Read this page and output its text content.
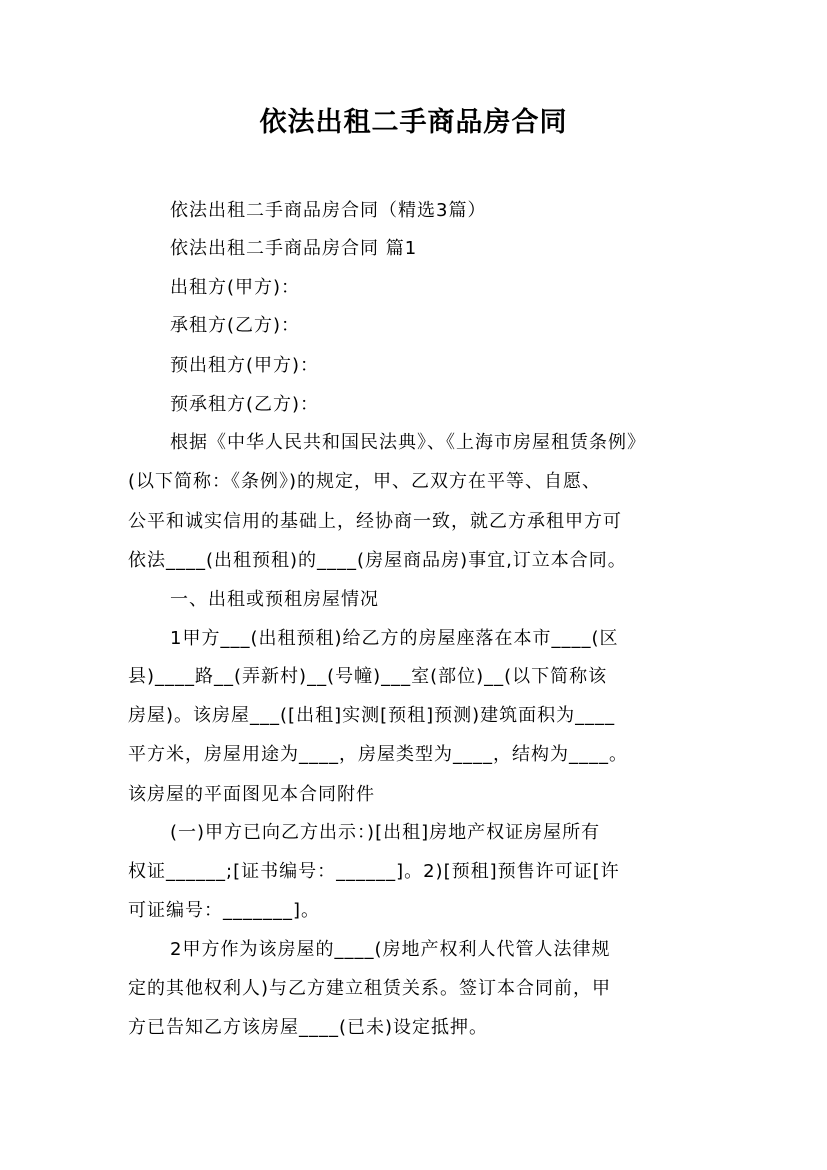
依法出租二手商品房合同
依法出租二手商品房合同（精选3篇）
依法出租二手商品房合同 篇1
出租方(甲方)：
承租方(乙方)：
预出租方(甲方)：
预承租方(乙方)：
根据《中华人民共和国民法典》、《上海市房屋租赁条例》
(以下简称：《条例》)的规定，甲、乙双方在平等、自愿、
公平和诚实信用的基础上，经协商一致，就乙方承租甲方可
依法____(出租预租)的____(房屋商品房)事宜,订立本合同。
一、出租或预租房屋情况
1甲方___(出租预租)给乙方的房屋座落在本市____(区
县)____路__(弄新村)__(号幢)___室(部位)__(以下简称该
房屋)。该房屋___([出租]实测[预租]预测)建筑面积为____
平方米，房屋用途为____，房屋类型为____，结构为____。
该房屋的平面图见本合同附件
(一)甲方已向乙方出示：)[出租]房地产权证房屋所有
权证______;[证书编号：______]。2)[预租]预售许可证[许
可证编号：_______]。
2甲方作为该房屋的____(房地产权利人代管人法律规
定的其他权利人)与乙方建立租赁关系。签订本合同前，甲
方已告知乙方该房屋____(已未)设定抵押。
